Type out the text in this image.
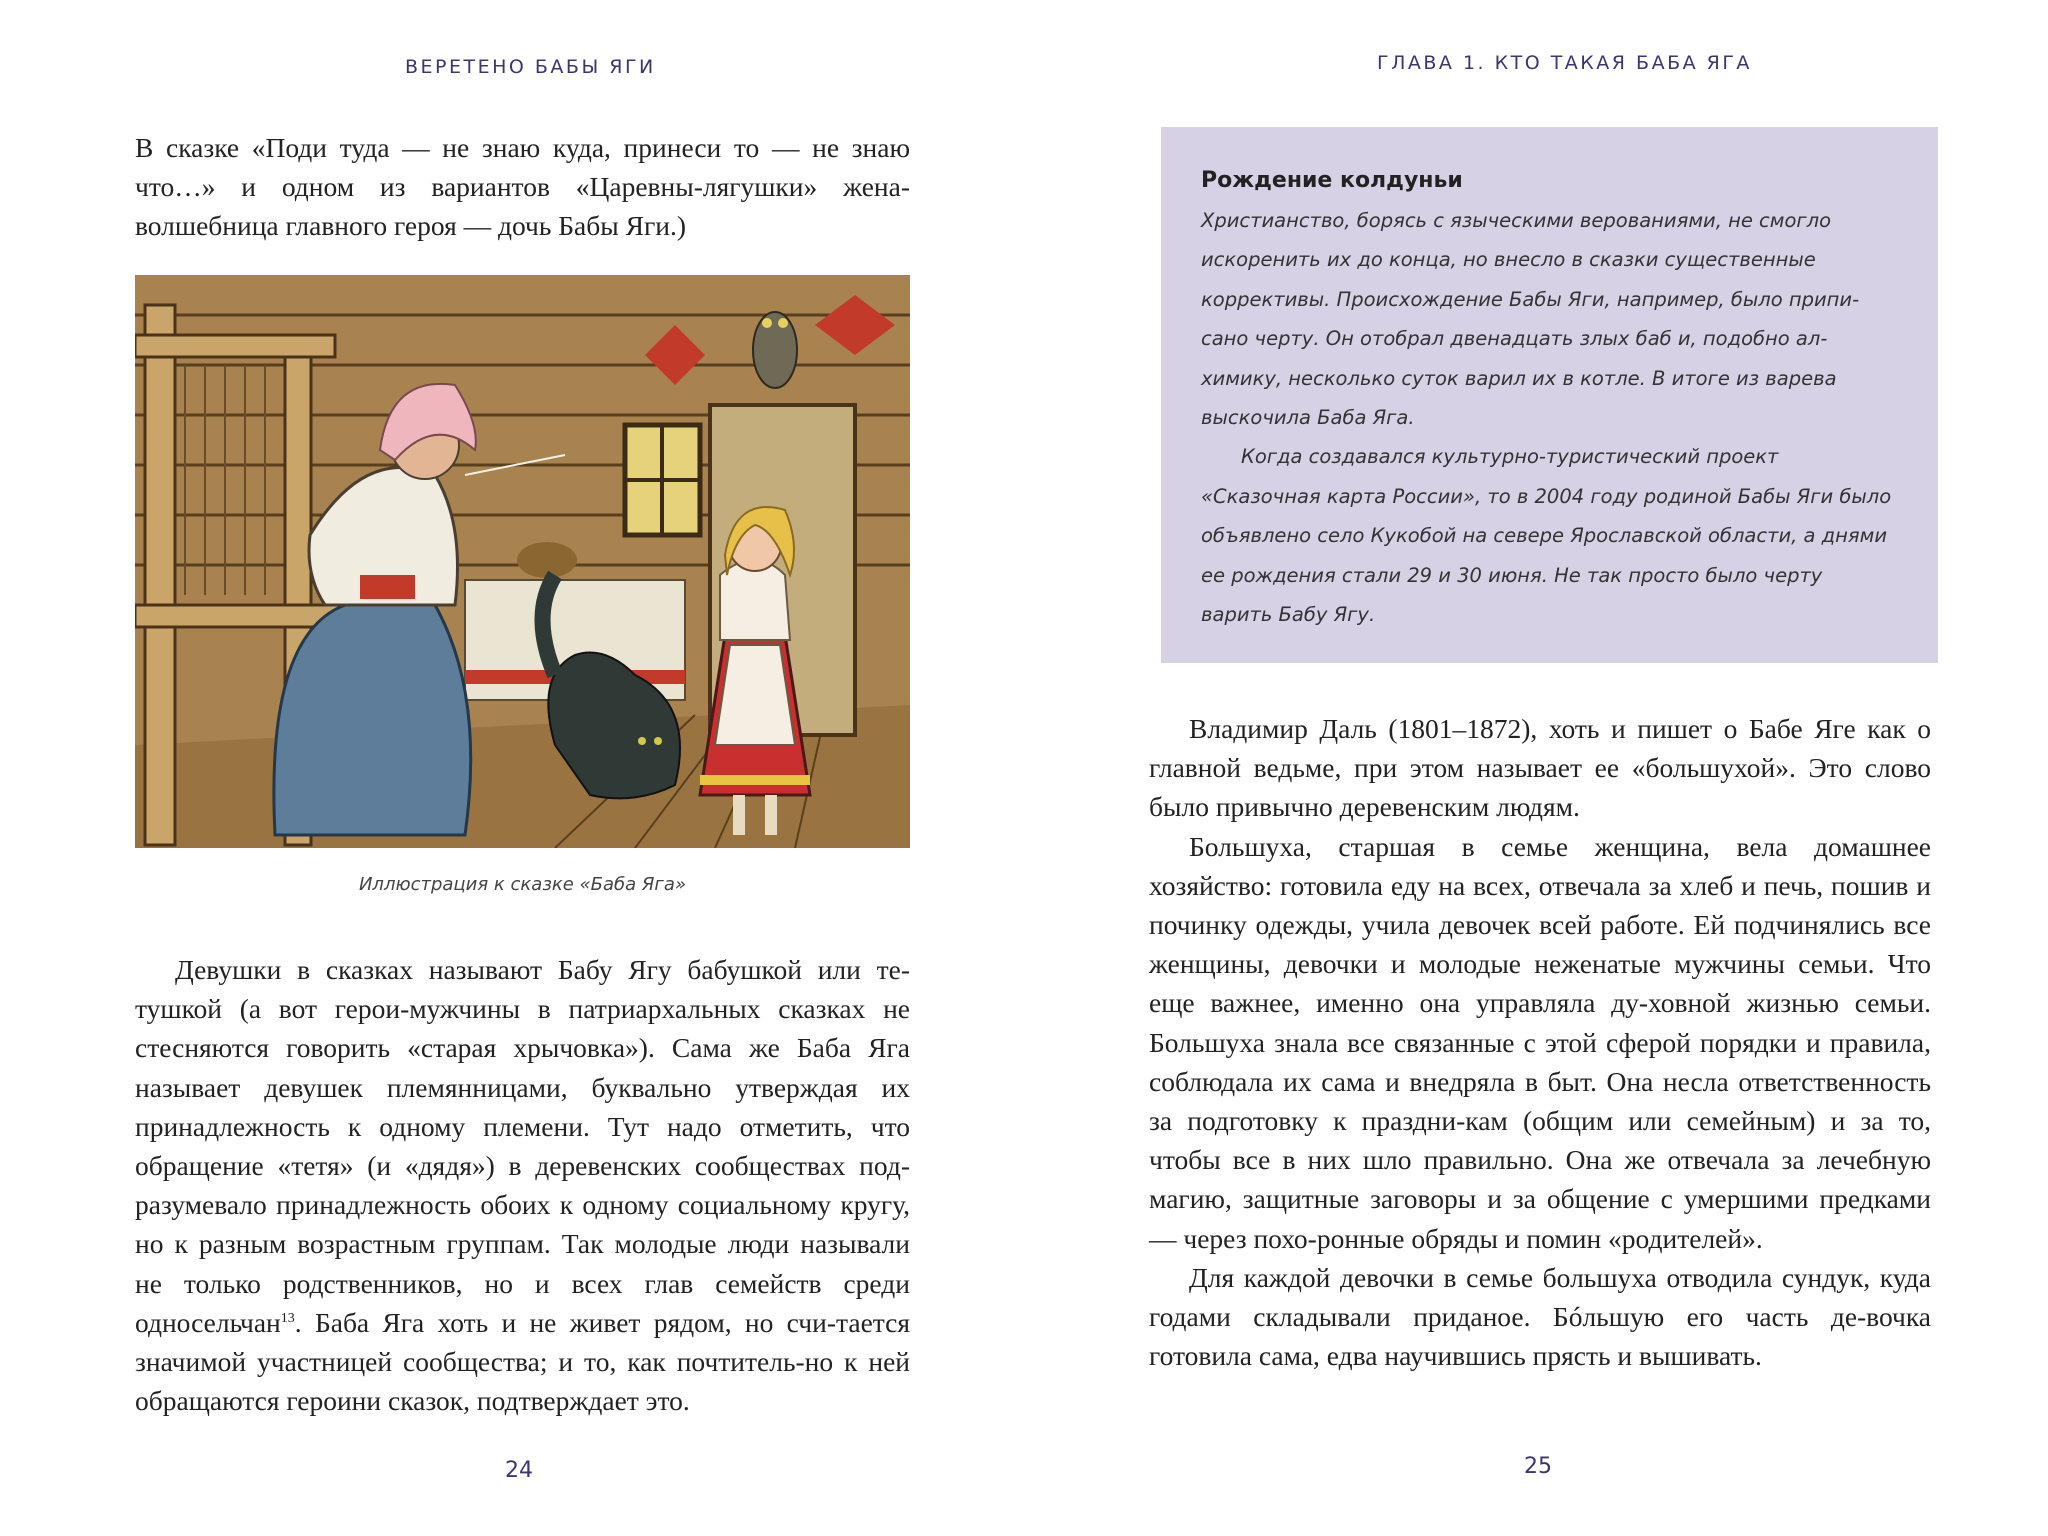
ВЕРЕТЕНО БАБЫ ЯГИ

В сказке «Поди туда — не знаю куда, принеси то — не знаю что…» и одном из вариантов «Царевны-лягушки» жена-волшебница главного героя — дочь Бабы Яги.)

Иллюстрация к сказке «Баба Яга»

Девушки в сказках называют Бабу Ягу бабушкой или те-тушкой (а вот герои-мужчины в патриархальных сказках не стесняются говорить «старая хрычовка»). Сама же Баба Яга называет девушек племянницами, буквально утверждая их принадлежность к одному племени. Тут надо отметить, что обращение «тетя» (и «дядя») в деревенских сообществах под-разумевало принадлежность обоих к одному социальному кругу, но к разным возрастным группам. Так молодые люди называли не только родственников, но и всех глав семейств среди односельчан$^{13}$. Баба Яга хоть и не живет рядом, но счи-тается значимой участницей сообщества; и то, как почтитель-но к ней обращаются героини сказок, подтверждает это.

24
ГЛАВА 1. КТО ТАКАЯ БАБА ЯГА
Рождение колдуньи

Христианство, борясь с языческими верованиями, не смогло искоренить их до конца, но внесло в сказки существенные коррективы. Происхождение Бабы Яги, например, было припи-сано черту. Он отобрал двенадцать злых баб и, подобно ал-химику, несколько суток варил их в котле. В итоге из варева выскочила Баба Яга.

Когда создавался культурно-туристический проект «Сказочная карта России», то в 2004 году родиной Бабы Яги было объявлено село Кукобой на севере Ярославской области, а днями ее рождения стали 29 и 30 июня. Не так просто было черту варить Бабу Ягу.

Владимир Даль (1801–1872), хоть и пишет о Бабе Яге как о главной ведьме, при этом называет ее «большухой». Это слово было привычно деревенским людям.

Большуха, старшая в семье женщина, вела домашнее хозяйство: готовила еду на всех, отвечала за хлеб и печь, пошив и починку одежды, учила девочек всей работе. Ей подчинялись все женщины, девочки и молодые неженатые мужчины семьи. Что еще важнее, именно она управляла ду-ховной жизнью семьи. Большуха знала все связанные с этой сферой порядки и правила, соблюдала их сама и внедряла в быт. Она несла ответственность за подготовку к праздни-кам (общим или семейным) и за то, чтобы все в них шло правильно. Она же отвечала за лечебную магию, защитные заговоры и за общение с умершими предками — через похо-ронные обряды и помин «родителей».

Для каждой девочки в семье большуха отводила сундук, куда годами складывали приданое. Бóльшую его часть де-вочка готовила сама, едва научившись прясть и вышивать.

25
